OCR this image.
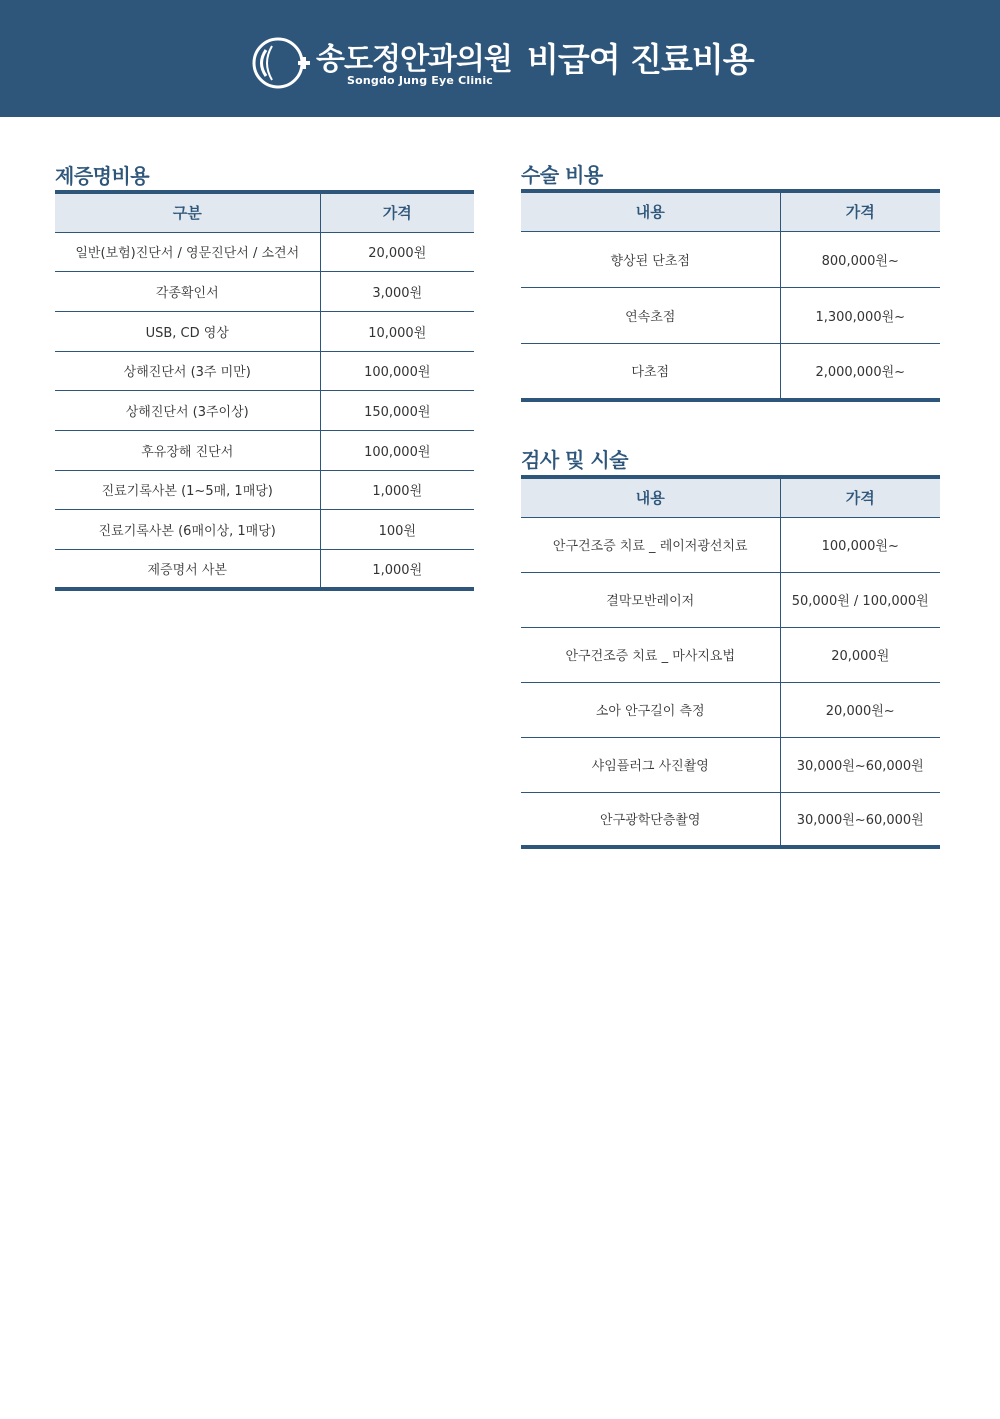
송도정안과의원
Songdo Jung Eye Clinic
비급여 진료비용
제증명비용
구분	가격
일반(보험)진단서 / 영문진단서 / 소견서	20,000원
각종확인서	3,000원
USB, CD 영상	10,000원
상해진단서 (3주 미만)	100,000원
상해진단서 (3주이상)	150,000원
후유장해 진단서	100,000원
진료기록사본 (1~5매, 1매당)	1,000원
진료기록사본 (6매이상, 1매당)	100원
제증명서 사본	1,000원
수술 비용
내용	가격
향상된 단초점	800,000원~
연속초점	1,300,000원~
다초점	2,000,000원~
검사 및 시술
내용	가격
안구건조증 치료 _ 레이저광선치료	100,000원~
결막모반레이저	50,000원 / 100,000원
안구건조증 치료 _ 마사지요법	20,000원
소아 안구길이 측정	20,000원~
샤임플러그 사진촬영	30,000원~60,000원
안구광학단층촬영	30,000원~60,000원
